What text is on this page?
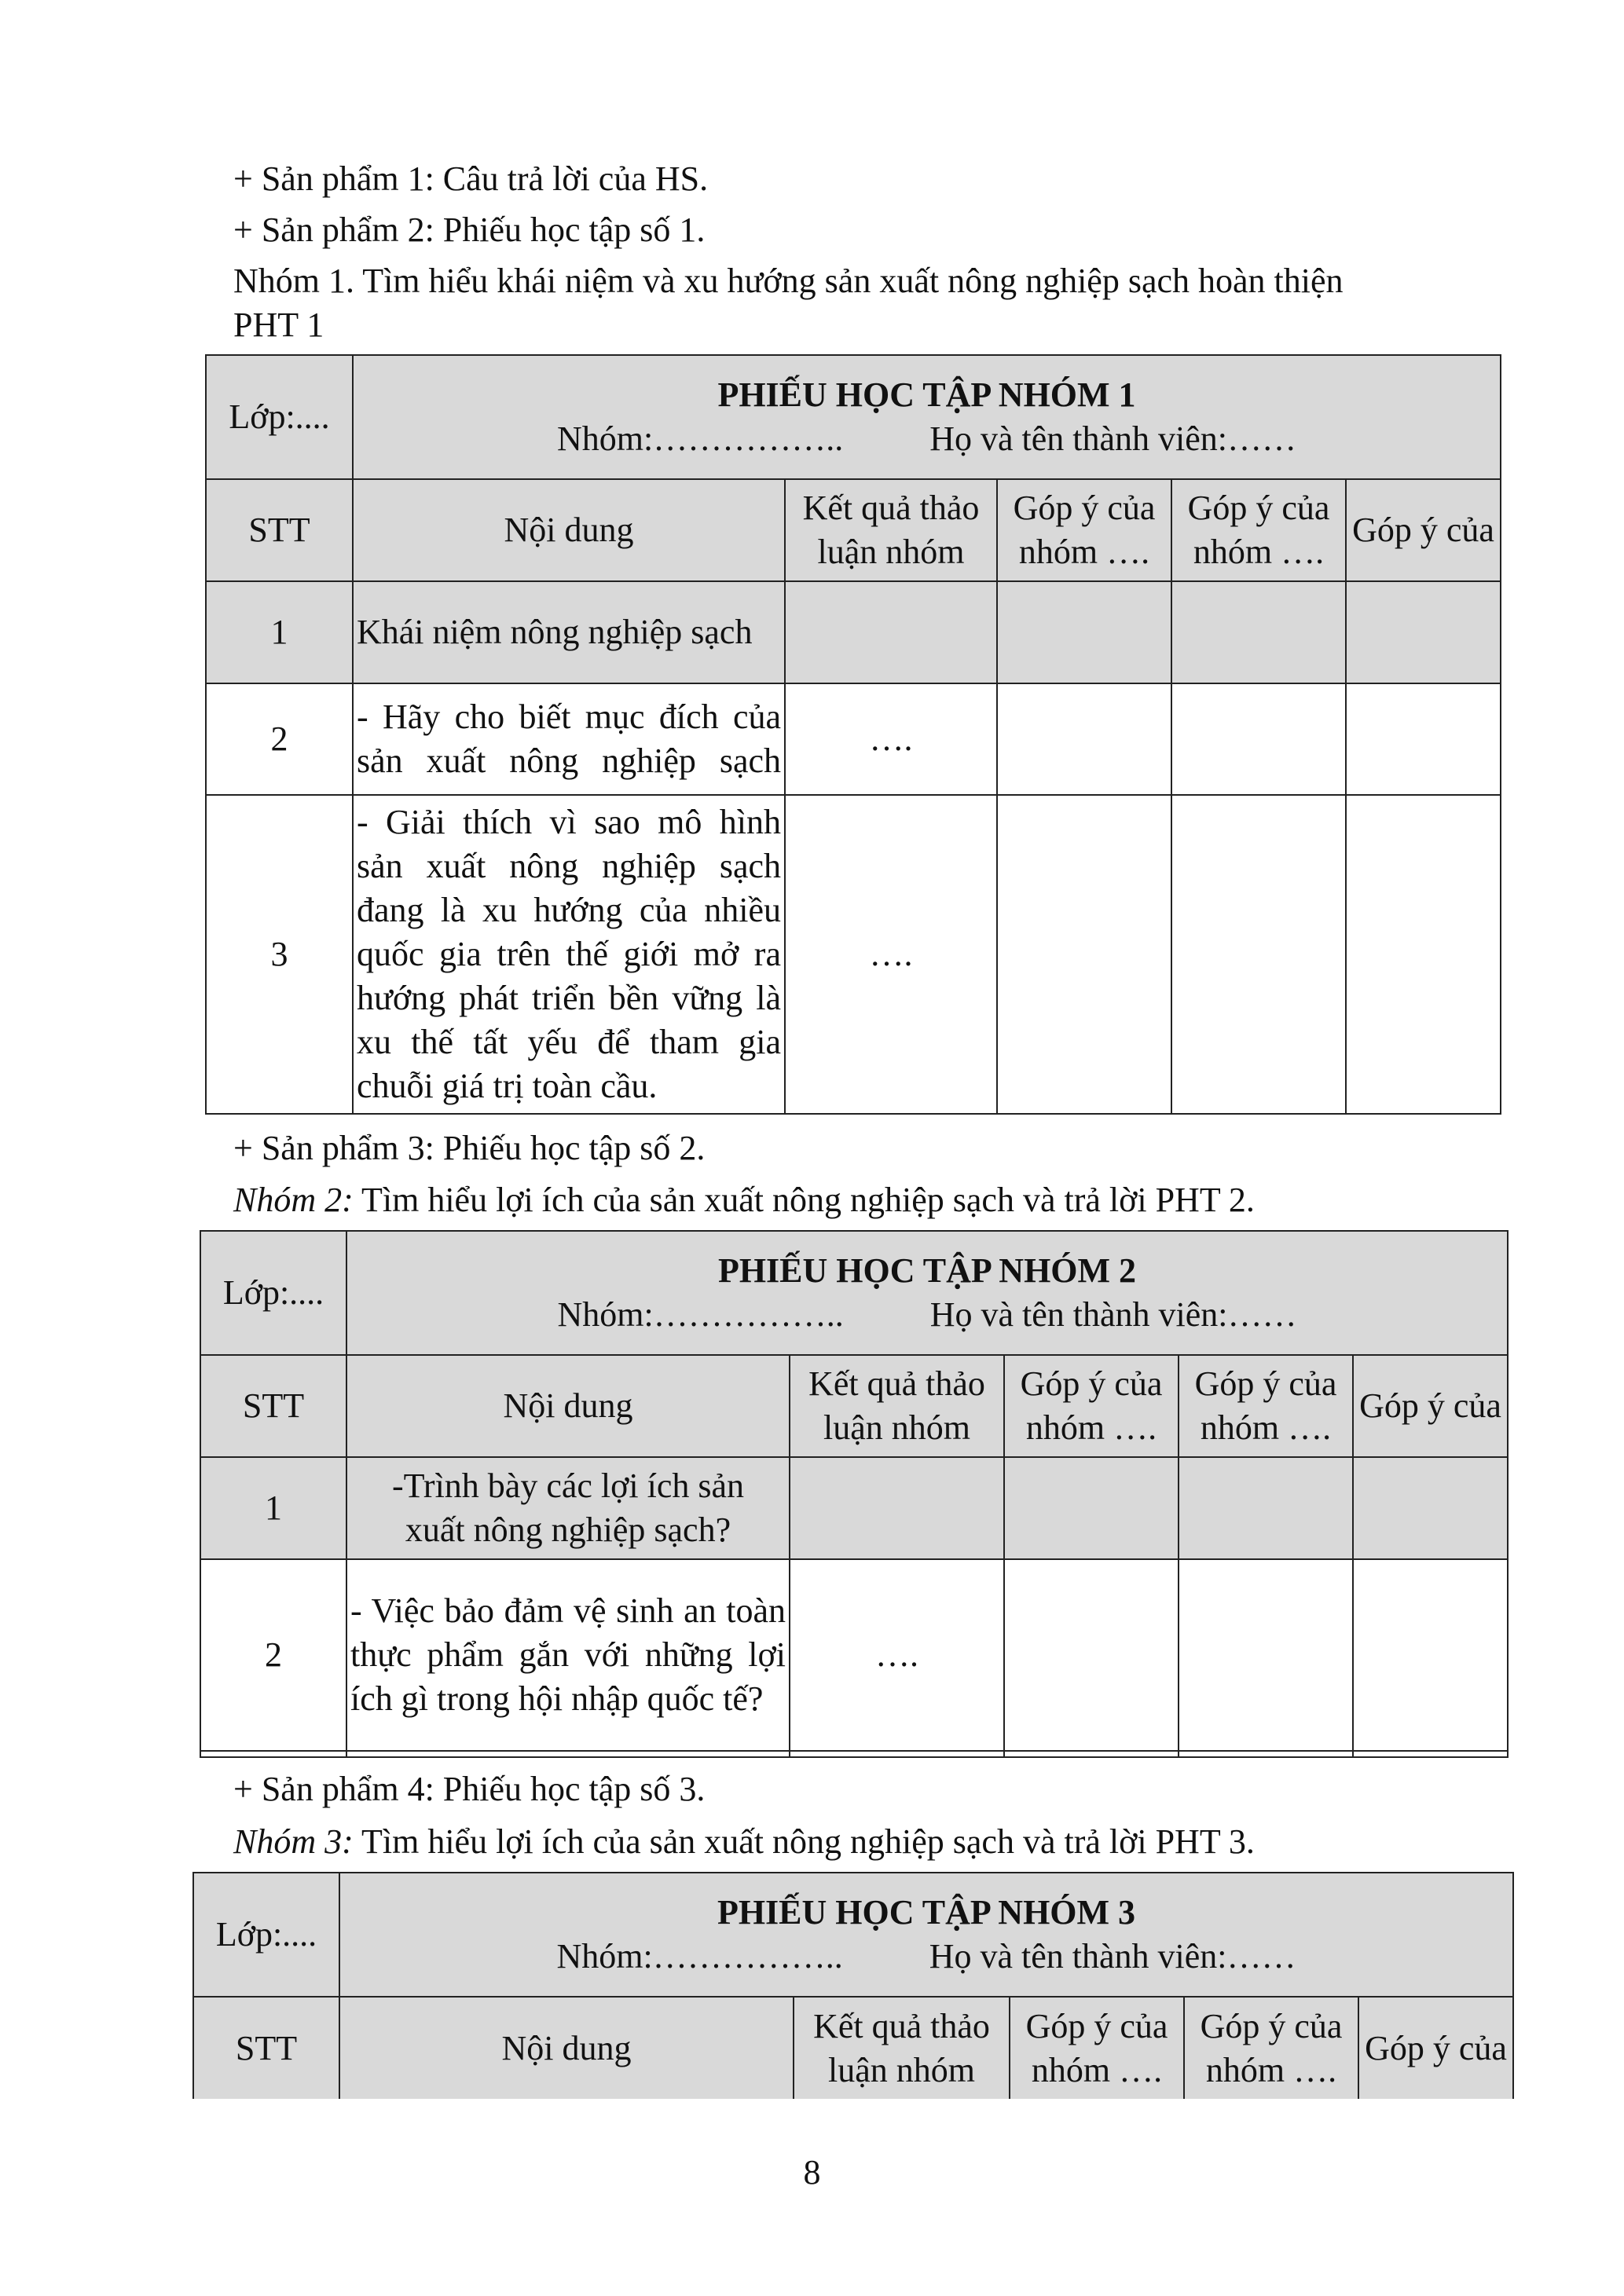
+ Sản phẩm 1: Câu trả lời của HS.
+ Sản phẩm 2: Phiếu học tập số 1.
Nhóm 1. Tìm hiểu khái niệm và xu hướng sản xuất nông nghiệp sạch hoàn thiện
PHT 1
Lớp:....	PHIẾU HỌC TẬP NHÓM 1
Nhóm:…………….. Họ và tên thành viên:……				

STT	Nội dung	Kết quả thảo luận nhóm	Góp ý của nhóm ….	Góp ý của nhóm ….	Góp ý của
1	Khái niệm nông nghiệp sạch				
2	- Hãy cho biết mục đích của sản xuất nông nghiệp sạch	….			
3	- Giải thích vì sao mô hình sản xuất nông nghiệp sạch đang là xu hướng của nhiều quốc gia trên thế giới mở ra hướng phát triển bền vững là xu thế tất yếu để tham gia chuỗi giá trị toàn cầu.	….			
+ Sản phẩm 3: Phiếu học tập số 2.
Nhóm 2: Tìm hiểu lợi ích của sản xuất nông nghiệp sạch và trả lời PHT 2.
Lớp:....	PHIẾU HỌC TẬP NHÓM 2
Nhóm:…………….. Họ và tên thành viên:……				

STT	Nội dung	Kết quả thảo luận nhóm	Góp ý của nhóm ….	Góp ý của nhóm ….	Góp ý của
1	-Trình bày các lợi ích sản xuất nông nghiệp sạch?				
2	- Việc bảo đảm vệ sinh an toàn thực phẩm gắn với những lợi ích gì trong hội nhập quốc tế?	….			

+ Sản phẩm 4: Phiếu học tập số 3.
Nhóm 3: Tìm hiểu lợi ích của sản xuất nông nghiệp sạch và trả lời PHT 3.
Lớp:....	PHIẾU HỌC TẬP NHÓM 3
Nhóm:…………….. Họ và tên thành viên:……				

STT	Nội dung	Kết quả thảo luận nhóm	Góp ý của nhóm ….	Góp ý của nhóm ….	Góp ý của
8
